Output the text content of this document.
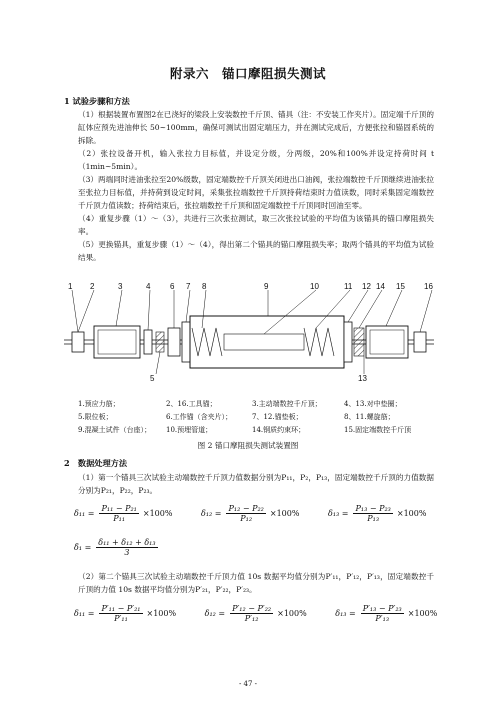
附录六　锚口摩阻损失测试
1 试验步骤和方法
（1）根据装置布置图2在已浇好的梁段上安装数控千斤顶、锚具（注：不安装工作夹片）。固定端千斤顶的缸体应预先进油伸长 50~100mm，确保可测试出固定端压力，并在测试完成后，方便张拉和锚固系统的拆除。
（2）张拉设备开机，输入张拉力目标值，并设定分级，分两级，20%和100%并设定持荷时间 t（1min~5min）。
（3）两端同时进油张拉至20%级数，固定端数控千斤顶关闭进出口油阀，张拉端数控千斤顶继续进油张拉至张拉力目标值，并持荷到设定时间，采集张拉端数控千斤顶持荷结束时力值读数，同时采集固定端数控千斤顶力值读数；持荷结束后，张拉端数控千斤顶和固定端数控千斤顶同时回油至零。
（4）重复步骤（1）～（3），共进行三次张拉测试，取三次张拉试验的平均值为该锚具的锚口摩阻损失率。
（5）更换锚具，重复步骤（1）～（4），得出第二个锚具的锚口摩阻损失率；取两个锚具的平均值为试验结果。
1 2	3	4 6 7 8	9	10	11 12 14 15 16
5	13
1.预应力筋；	2、16.工具锚；	3.主动端数控千斤顶；	4、13.对中垫圈；
5.限位板；	6.工作锚（含夹片）；	7、12.锚垫板；	8、11.螺旋筋；
9.混凝土试件（台座）；	10.预埋管道；	14.钢质约束环；	15.固定端数控千斤顶
图 2 锚口摩阻损失测试装置图
2　数据处理方法
（1）第一个锚具三次试验主动端数控千斤顶力值数据分别为P₁₁，P₂，P₁₃，固定端数控千斤顶的力值数据分别为P₂₁，P₂₂，P₂₃。
$\delta_{11} = \frac{\text{P₁₁ − P₂₁}}{\text{P₁₁}} \times 100\%$
	$\delta_{12} = \frac{\text{P₁₂ − P₂₂}}{\text{P₁₂}} \times 100\%$
	$\delta_{13} = \frac{\text{P₁₃ − P₂₃}}{\text{P₁₃}} \times 100\%$
δ̄₁ = $\frac{\text{δ₁₁ + δ₁₂ + δ₁₃}}{3}$
（2）第二个锚具三次试验主动端数控千斤顶力值 10s 数据平均值分别为P′₁₁，P′₁₂，P′₁₃，固定端数控千斤顶的力值 10s 数据平均值分别为P′₂₁，P′₂₂，P′₂₃。
$\delta_{11} = \frac{\text{P′₁₁ − P′₂₁}}{\text{P′₁₁}} \times 100\%$
	$\delta_{12} = \frac{\text{P′₁₂ − P′₂₂}}{\text{P′₁₂}} \times 100\%$
	$\delta_{13} = \frac{\text{P′₁₃ − P′₂₃}}{\text{P′₁₃}} \times 100\%$
- 47 -
